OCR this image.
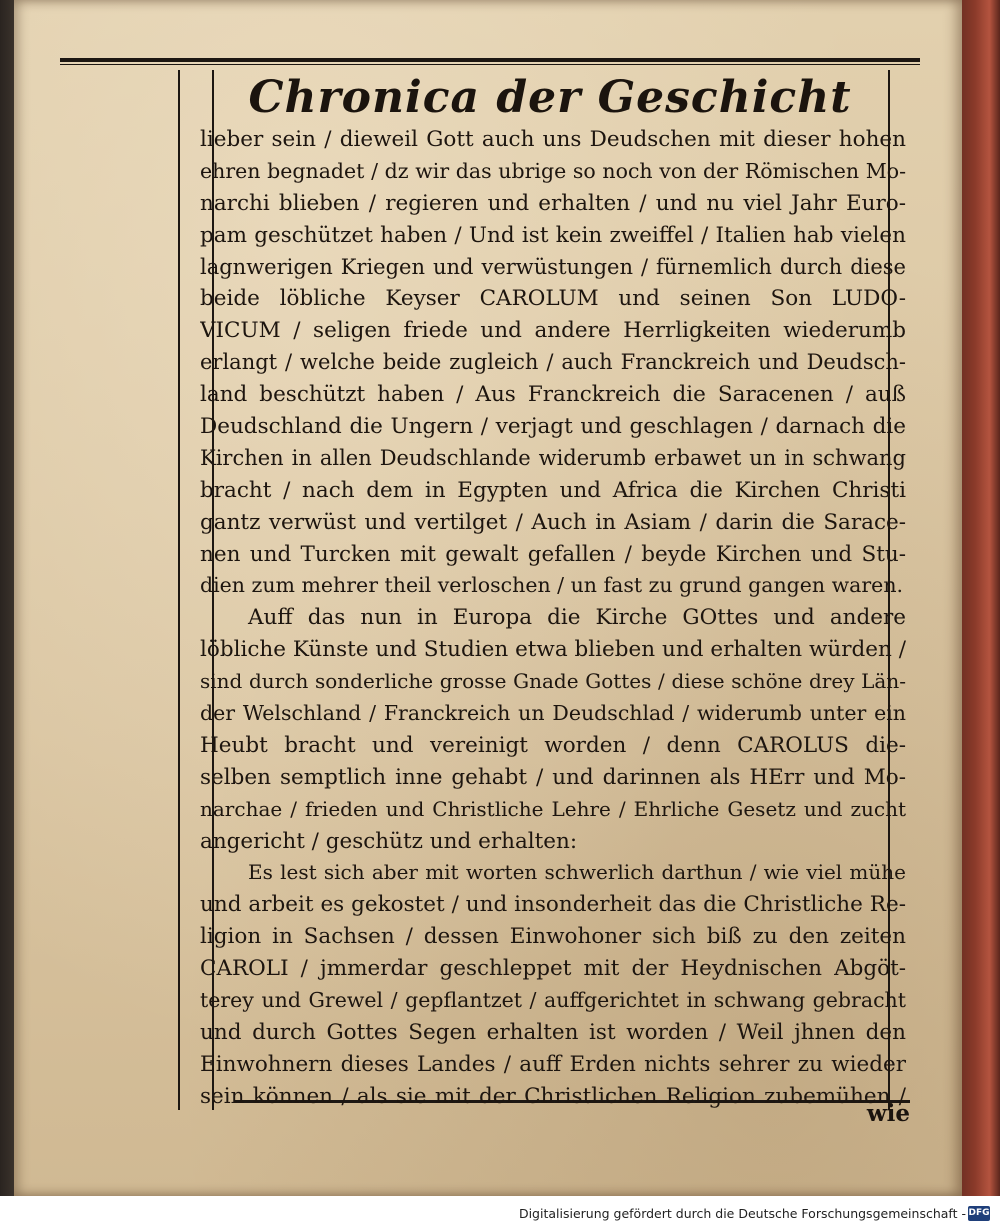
Chronica der Geschicht
lieber sein / dieweil Gott auch uns Deudschen mit dieser hohen
ehren begnadet / dz wir das ubrige so noch von der Römischen Mo-
narchi blieben / regieren und erhalten / und nu viel Jahr Euro-
pam geschützet haben / Und ist kein zweiffel / Italien hab vielen
lagnwerigen Kriegen und verwüstungen / fürnemlich durch diese
beide löbliche Keyser CAROLUM und seinen Son LUDO-
VICUM / seligen friede und andere Herrligkeiten wiederumb
erlangt / welche beide zugleich / auch Franckreich und Deudsch-
land beschützt haben / Aus Franckreich die Saracenen / auß
Deudschland die Ungern / verjagt und geschlagen / darnach die
Kirchen in allen Deudschlande widerumb erbawet un in schwang
bracht / nach dem in Egypten und Africa die Kirchen Christi
gantz verwüst und vertilget / Auch in Asiam / darin die Sarace-
nen und Turcken mit gewalt gefallen / beyde Kirchen und Stu-
dien zum mehrer theil verloschen / un fast zu grund gangen waren.
Auff das nun in Europa die Kirche GOttes und andere
löbliche Künste und Studien etwa blieben und erhalten würden /
sind durch sonderliche grosse Gnade Gottes / diese schöne drey Län-
der Welschland / Franckreich un Deudschlad / widerumb unter ein
Heubt bracht und vereinigt worden / denn CAROLUS die-
selben semptlich inne gehabt / und darinnen als HErr und Mo-
narchae / frieden und Christliche Lehre / Ehrliche Gesetz und zucht
angericht / geschütz und erhalten:
Es lest sich aber mit worten schwerlich darthun / wie viel mühe
und arbeit es gekostet / und insonderheit das die Christliche Re-
ligion in Sachsen / dessen Einwohoner sich biß zu den zeiten
CAROLI / jmmerdar geschleppet mit der Heydnischen Abgöt-
terey und Grewel / gepflantzet / auffgerichtet in schwang gebracht
und durch Gottes Segen erhalten ist worden / Weil jhnen den
Einwohnern dieses Landes / auff Erden nichts sehrer zu wieder
sein können / als sie mit der Christlichen Religion zubemühen /
wie
Digitalisierung gefördert durch die Deutsche Forschungsgemeinschaft - DFG
